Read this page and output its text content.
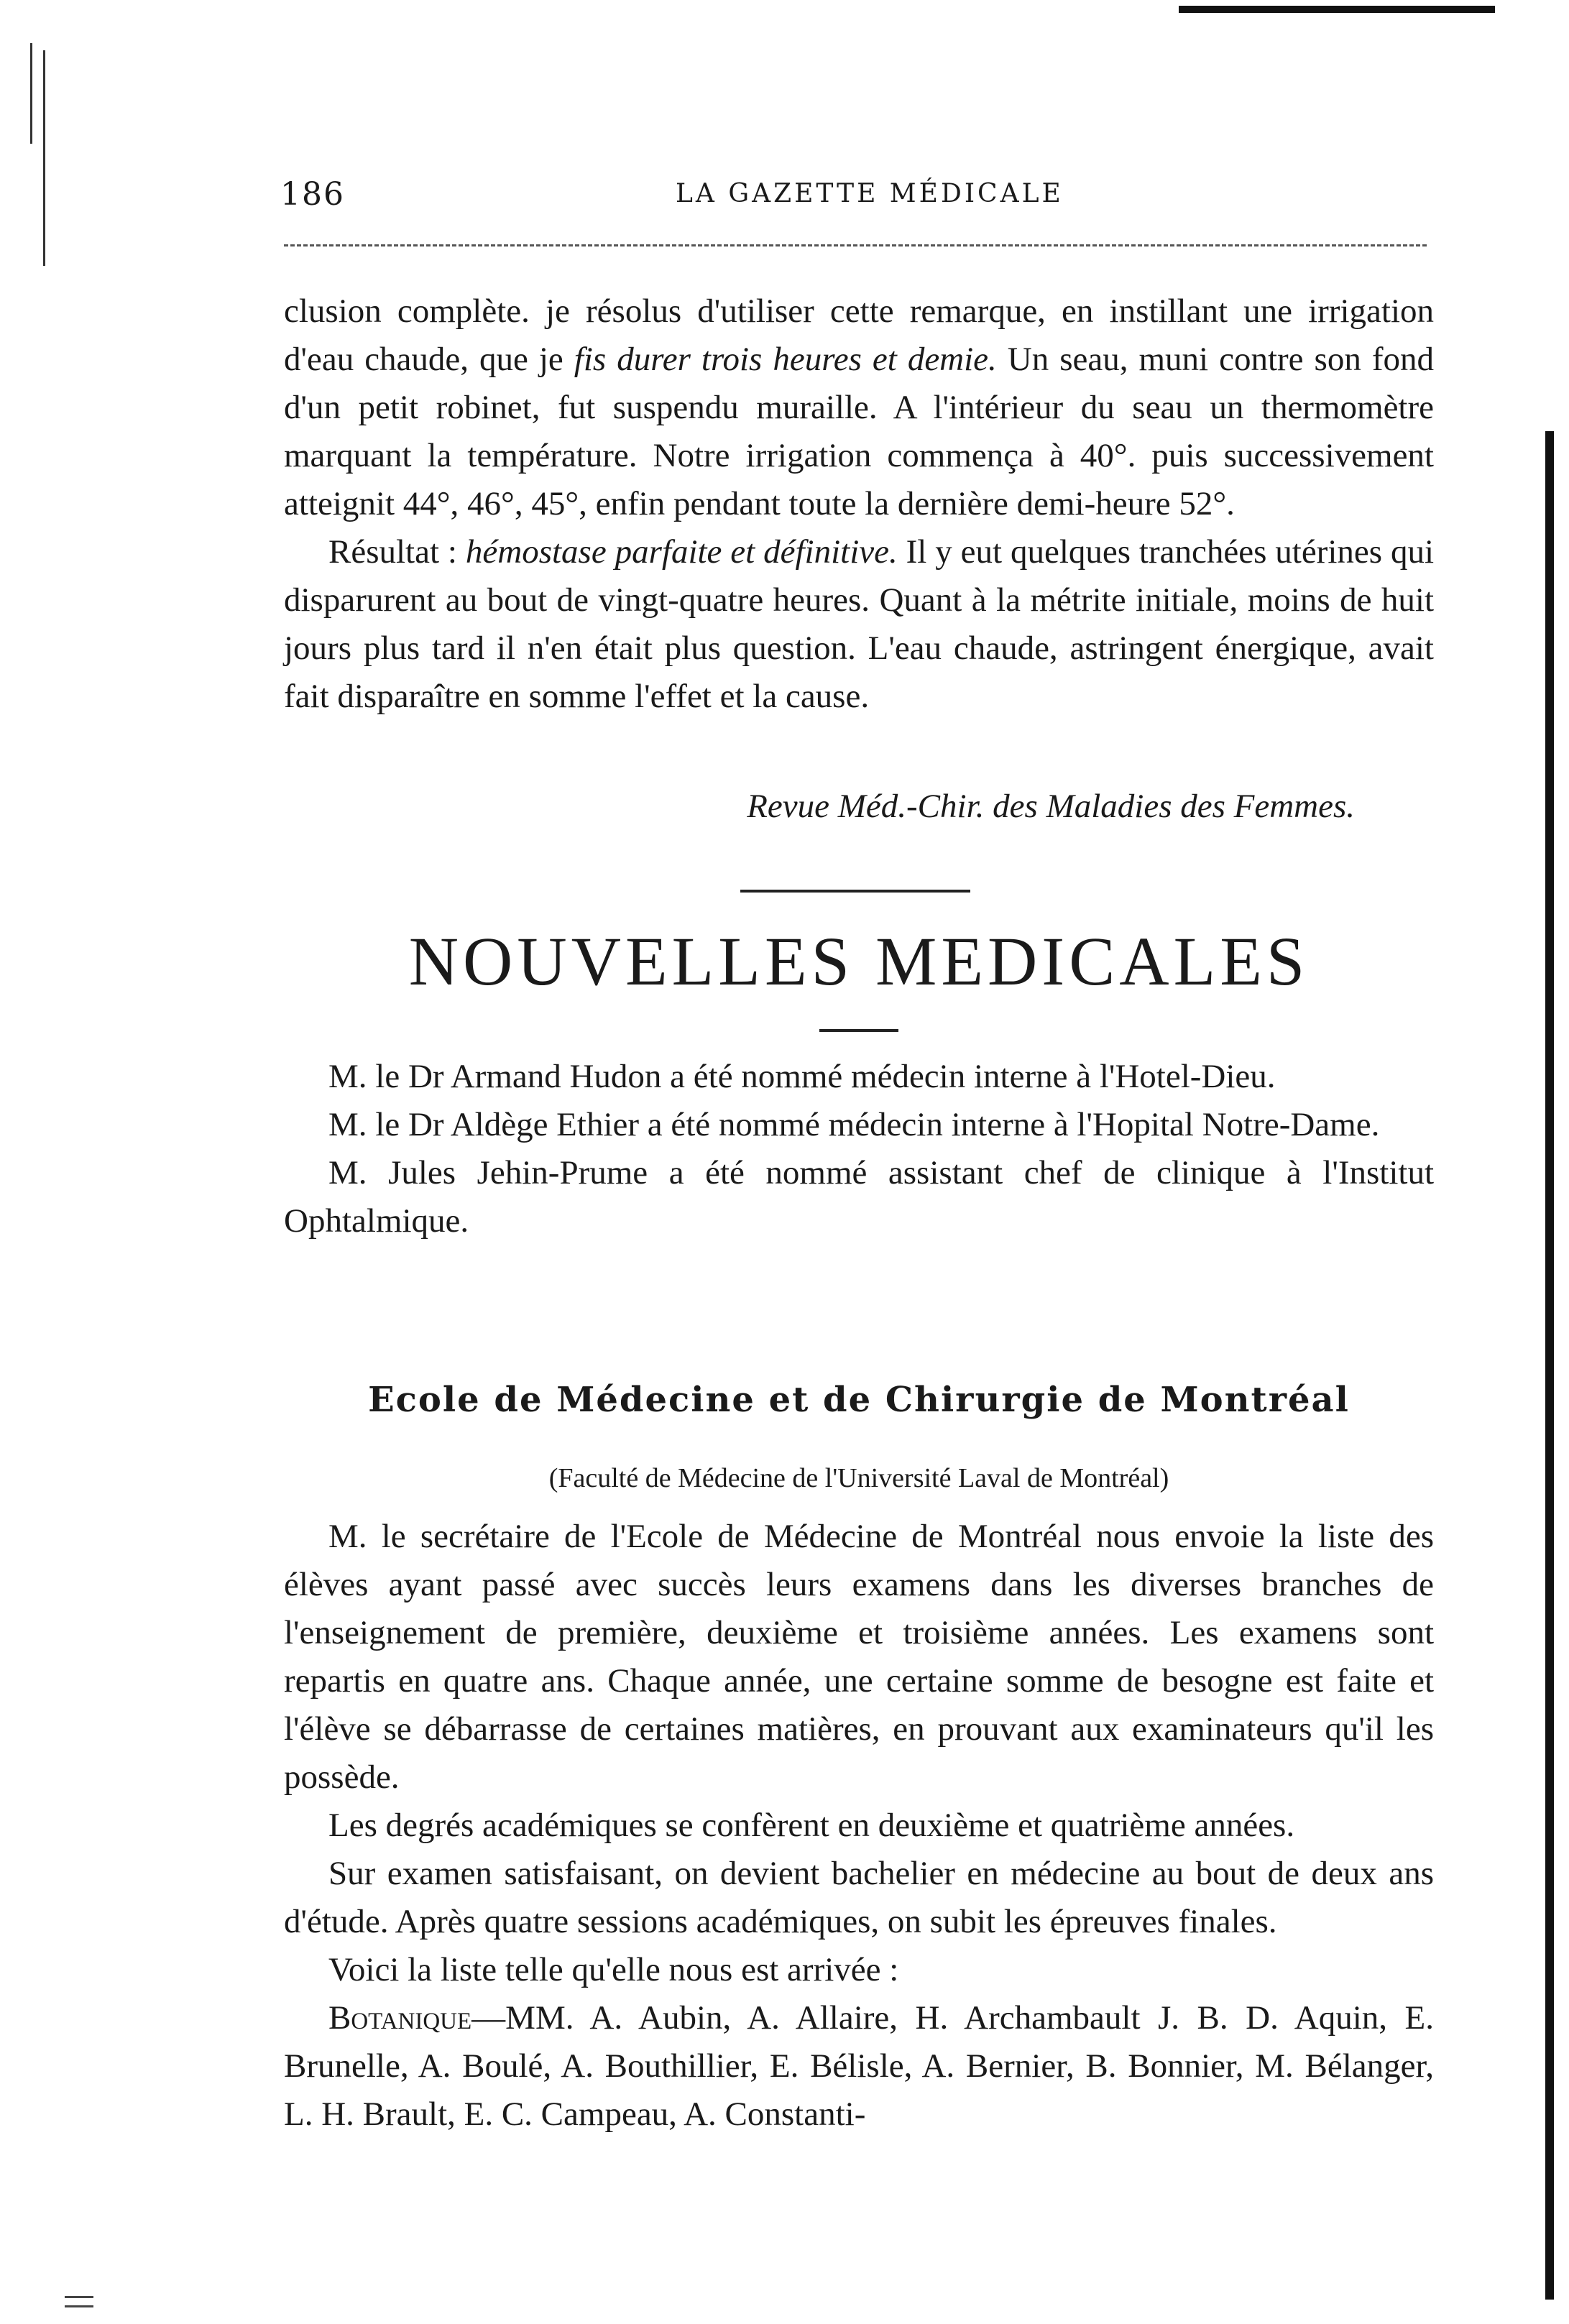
186	LA GAZETTE MÉDICALE

clusion complète. je résolus d'utiliser cette remarque, en instillant une irrigation d'eau chaude, que je fis durer trois heures et demie. Un seau, muni contre son fond d'un petit robinet, fut suspendu muraille. A l'intérieur du seau un thermomètre marquant la température. Notre irrigation commença à 40°. puis successivement atteignit 44°, 46°, 45°, enfin pendant toute la dernière demi-heure 52°.

Résultat : hémostase parfaite et définitive. Il y eut quelques tranchées utérines qui disparurent au bout de vingt-quatre heures. Quant à la métrite initiale, moins de huit jours plus tard il n'en était plus question. L'eau chaude, astringent énergique, avait fait disparaître en somme l'effet et la cause.

Revue Méd.-Chir. des Maladies des Femmes.
NOUVELLES MEDICALES

M. le Dr Armand Hudon a été nommé médecin interne à l'Hotel-Dieu.

M. le Dr Aldège Ethier a été nommé médecin interne à l'Hopital Notre-Dame.

M. Jules Jehin-Prume a été nommé assistant chef de clinique à l'Institut Ophtalmique.

Ecole de Médecine et de Chirurgie de Montréal
(Faculté de Médecine de l'Université Laval de Montréal)

M. le secrétaire de l'Ecole de Médecine de Montréal nous envoie la liste des élèves ayant passé avec succès leurs examens dans les diverses branches de l'enseignement de première, deuxième et troisième années. Les examens sont repartis en quatre ans. Chaque année, une certaine somme de besogne est faite et l'élève se débarrasse de certaines matières, en prouvant aux examinateurs qu'il les possède.

Les degrés académiques se confèrent en deuxième et quatrième années.

Sur examen satisfaisant, on devient bachelier en médecine au bout de deux ans d'étude. Après quatre sessions académiques, on subit les épreuves finales.

Voici la liste telle qu'elle nous est arrivée :

Botanique—MM. A. Aubin, A. Allaire, H. Archambault J. B. D. Aquin, E. Brunelle, A. Boulé, A. Bouthillier, E. Bélisle, A. Bernier, B. Bonnier, M. Bélanger, L. H. Brault, E. C. Campeau, A. Constanti-
